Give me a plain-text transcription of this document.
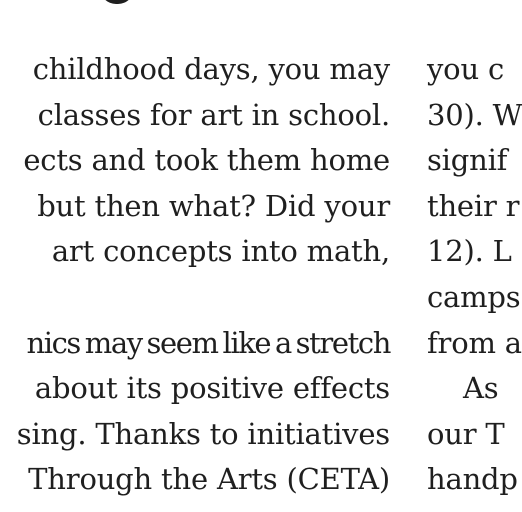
childhood days, you may
classes for art in school.
ects and took them home
but then what? Did your
art concepts into math,
nics may seem like a stretch
about its positive effects
sing. Thanks to initiatives
Through the Arts (CETA)
you c
30). W
signif
their r
12). L
camps
from a
As
our T
handp
